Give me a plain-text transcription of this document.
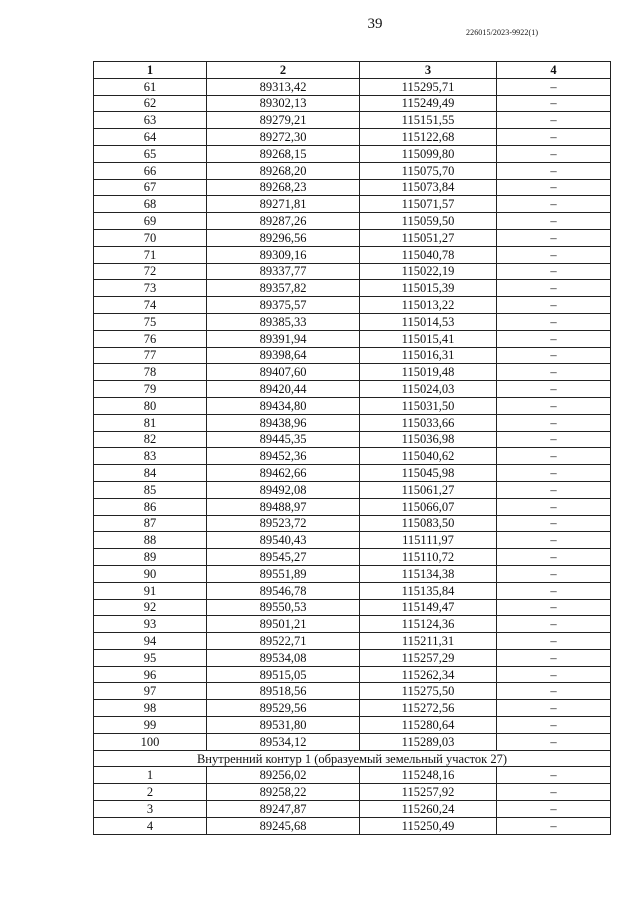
39
226015/2023-9922(1)
1	2	3	4
61	89313,42	115295,71	–
62	89302,13	115249,49	–
63	89279,21	115151,55	–
64	89272,30	115122,68	–
65	89268,15	115099,80	–
66	89268,20	115075,70	–
67	89268,23	115073,84	–
68	89271,81	115071,57	–
69	89287,26	115059,50	–
70	89296,56	115051,27	–
71	89309,16	115040,78	–
72	89337,77	115022,19	–
73	89357,82	115015,39	–
74	89375,57	115013,22	–
75	89385,33	115014,53	–
76	89391,94	115015,41	–
77	89398,64	115016,31	–
78	89407,60	115019,48	–
79	89420,44	115024,03	–
80	89434,80	115031,50	–
81	89438,96	115033,66	–
82	89445,35	115036,98	–
83	89452,36	115040,62	–
84	89462,66	115045,98	–
85	89492,08	115061,27	–
86	89488,97	115066,07	–
87	89523,72	115083,50	–
88	89540,43	115111,97	–
89	89545,27	115110,72	–
90	89551,89	115134,38	–
91	89546,78	115135,84	–
92	89550,53	115149,47	–
93	89501,21	115124,36	–
94	89522,71	115211,31	–
95	89534,08	115257,29	–
96	89515,05	115262,34	–
97	89518,56	115275,50	–
98	89529,56	115272,56	–
99	89531,80	115280,64	–
100	89534,12	115289,03	–
Внутренний контур 1 (образуемый земельный участок 27)			
1	89256,02	115248,16	–
2	89258,22	115257,92	–
3	89247,87	115260,24	–
4	89245,68	115250,49	–
